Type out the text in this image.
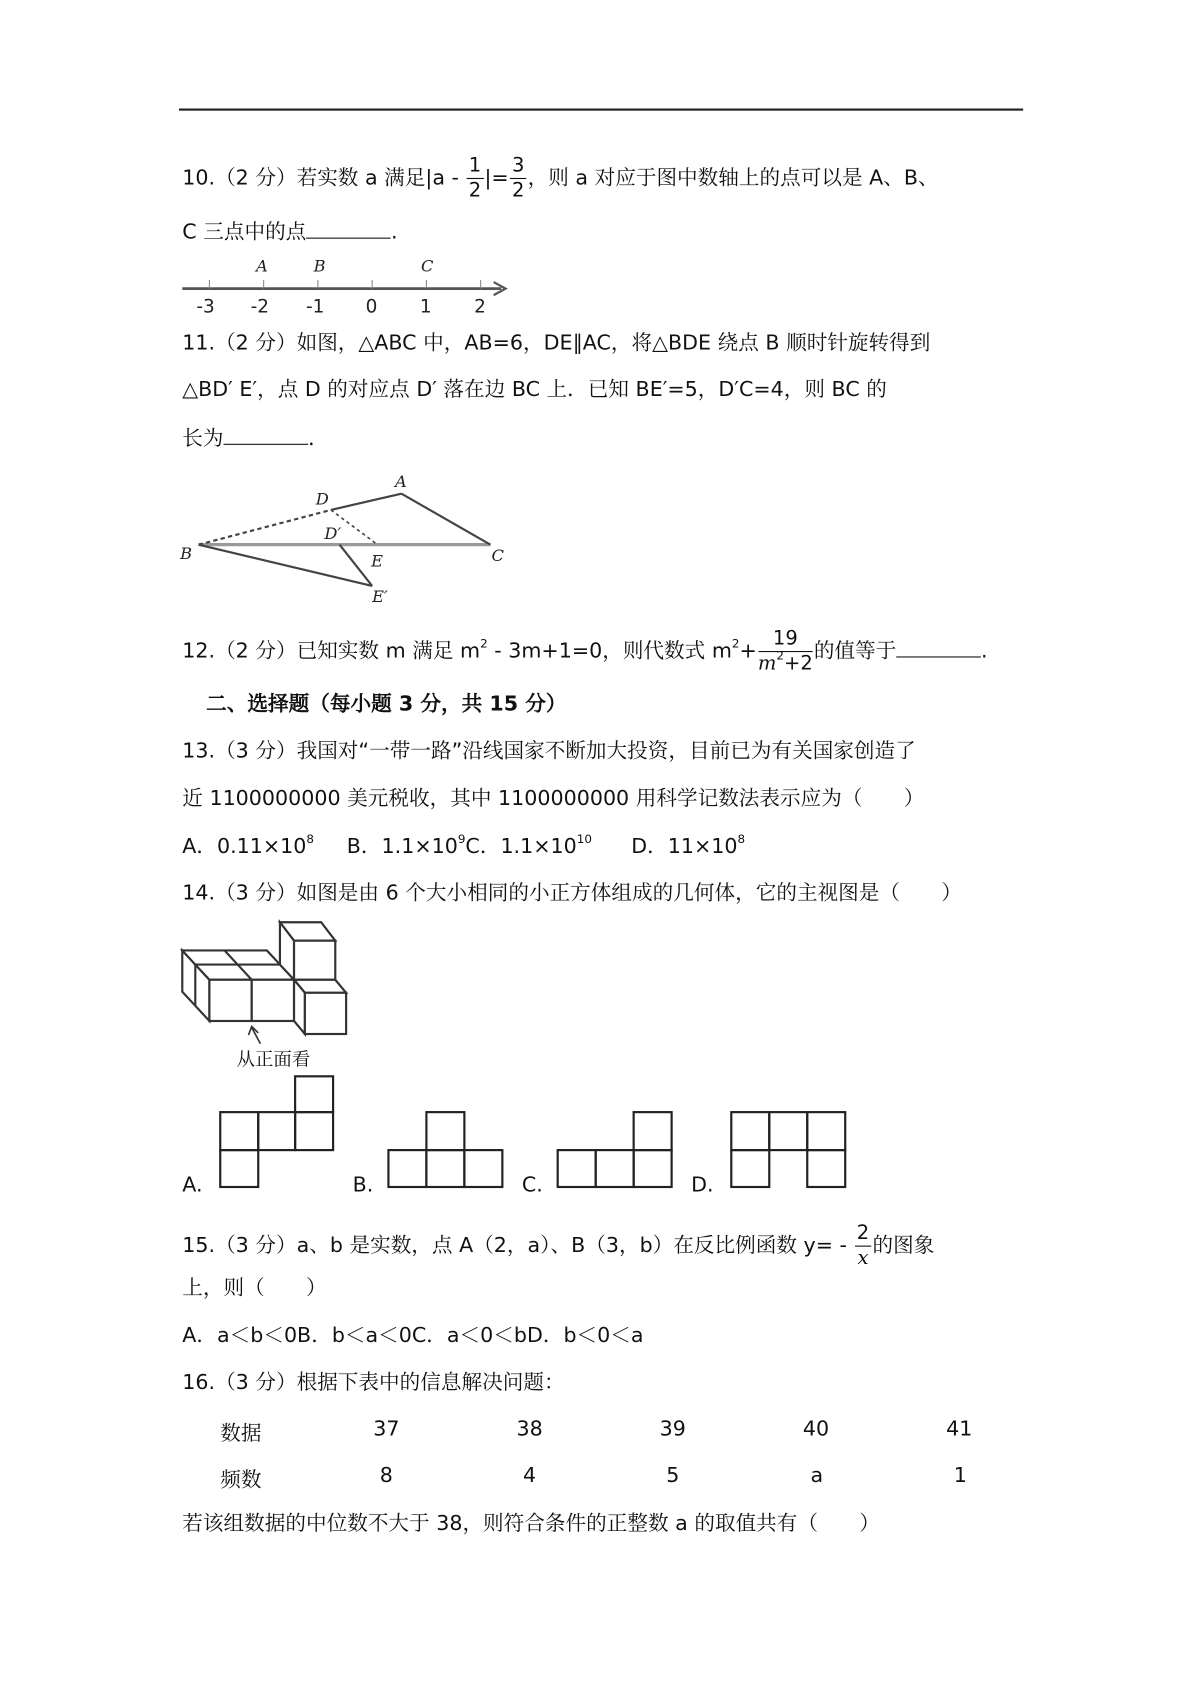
10.（2 分）若实数 a 满足$|a - \frac{1}{2}$ |= $\frac{3}{2}$ ，则 a 对应于图中数轴上的点可以是 A、B、
C 三点中的点	.
A	B	C
-3 -2 -1 0	1	2
11.（2 分）如图，△ABC 中，AB=6，DE∥AC，将△BDE 绕点 B 顺时针旋转得到
△BD′ E′，点 D 的对应点 D′ 落在边 BC 上．已知 BE′=5，D′C=4，则 BC 的
长为	．
A
D
D′
B	E	C
E′
12.（2 分）已知实数 m 满足 $m^2 - 3m+1=0$，则代数式 $m^2+ \frac{19}{m^2+2}$ 的值等于	.
二、选择题（每小题 3 分，共 15 分）
13.（3 分）我国对“一带一路”沿线国家不断加大投资，目前已为有关国家创造了
近 1100000000 美元税收，其中 1100000000 用科学记数法表示应为（　　）
A．$0.11\times 10^8$ B．$1.1\times 10^9C$．$1.1\times 10^{10}$ D．$11\times 10^8$
14.（3 分）如图是由 6 个大小相同的小正方体组成的几何体，它的主视图是（　　）
从正面看
A.	B.	C.	D.
15.（3 分）a、b 是实数，点 A（2，a）、B（3，b）在反比例函数 $y= - \frac{2}{x}$ 的图象
上，则（　　）
A．a＜b＜0B．b＜a＜0C．a＜0＜bD．b＜0＜a
16.（3 分）根据下表中的信息解决问题：
数据	37	38	39	40	41
频数	8	4	5	a	1
若该组数据的中位数不大于 38，则符合条件的正整数 a 的取值共有（　　）
